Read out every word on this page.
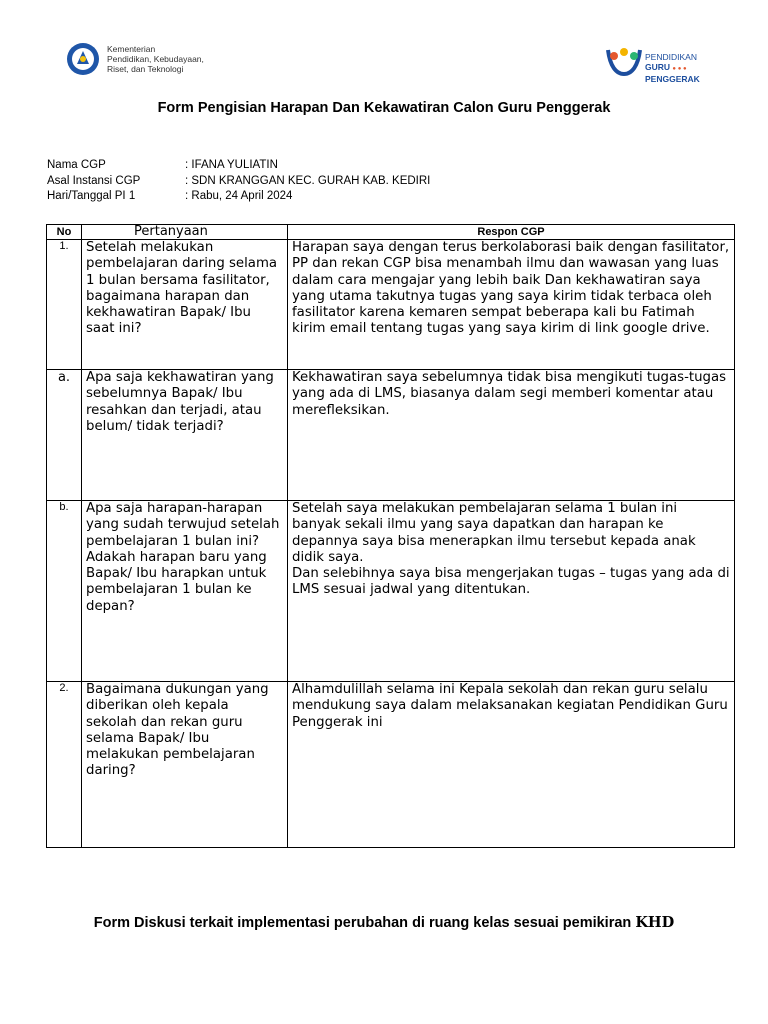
Kementerian
Pendidikan, Kebudayaan,
Riset, dan Teknologi
PENDIDIKAN
GURU ● ● ●
PENGGERAK
Form Pengisian Harapan Dan Kekawatiran Calon Guru Penggerak
Nama CGP	: IFANA YULIATIN
Asal Instansi CGP	: SDN KRANGGAN KEC. GURAH KAB. KEDIRI
Hari/Tanggal PI 1	: Rabu, 24 April 2024
No	Pertanyaan	Respon CGP
1.	Setelah melakukan pembelajaran daring selama 1 bulan bersama fasilitator, bagaimana harapan dan kekhawatiran Bapak/ Ibu saat ini?	Harapan saya dengan terus berkolaborasi baik dengan fasilitator, PP dan rekan CGP bisa menambah ilmu dan wawasan yang luas dalam cara mengajar yang lebih baik Dan kekhawatiran saya yang utama takutnya tugas yang saya kirim tidak terbaca oleh fasilitator karena kemaren sempat beberapa kali bu Fatimah kirim email tentang tugas yang saya kirim di link google drive.
a.	Apa saja kekhawatiran yang sebelumnya Bapak/ Ibu resahkan dan terjadi, atau belum/ tidak terjadi?	Kekhawatiran saya sebelumnya tidak bisa mengikuti tugas-tugas yang ada di LMS, biasanya dalam segi memberi komentar atau merefleksikan.
b.	Apa saja harapan-harapan yang sudah terwujud setelah pembelajaran 1 bulan ini? Adakah harapan baru yang Bapak/ Ibu harapkan untuk pembelajaran 1 bulan ke depan?	Setelah saya melakukan pembelajaran selama 1 bulan ini banyak sekali ilmu yang saya dapatkan dan harapan ke depannya saya bisa menerapkan ilmu tersebut kepada anak didik saya.
Dan selebihnya saya bisa mengerjakan tugas – tugas yang ada di LMS sesuai jadwal yang ditentukan.
2.	Bagaimana dukungan yang diberikan oleh kepala sekolah dan rekan guru selama Bapak/ Ibu melakukan pembelajaran daring?	Alhamdulillah selama ini Kepala sekolah dan rekan guru selalu mendukung saya dalam melaksanakan kegiatan Pendidikan Guru Penggerak ini
Form Diskusi terkait implementasi perubahan di ruang kelas sesuai pemikiran KHD
